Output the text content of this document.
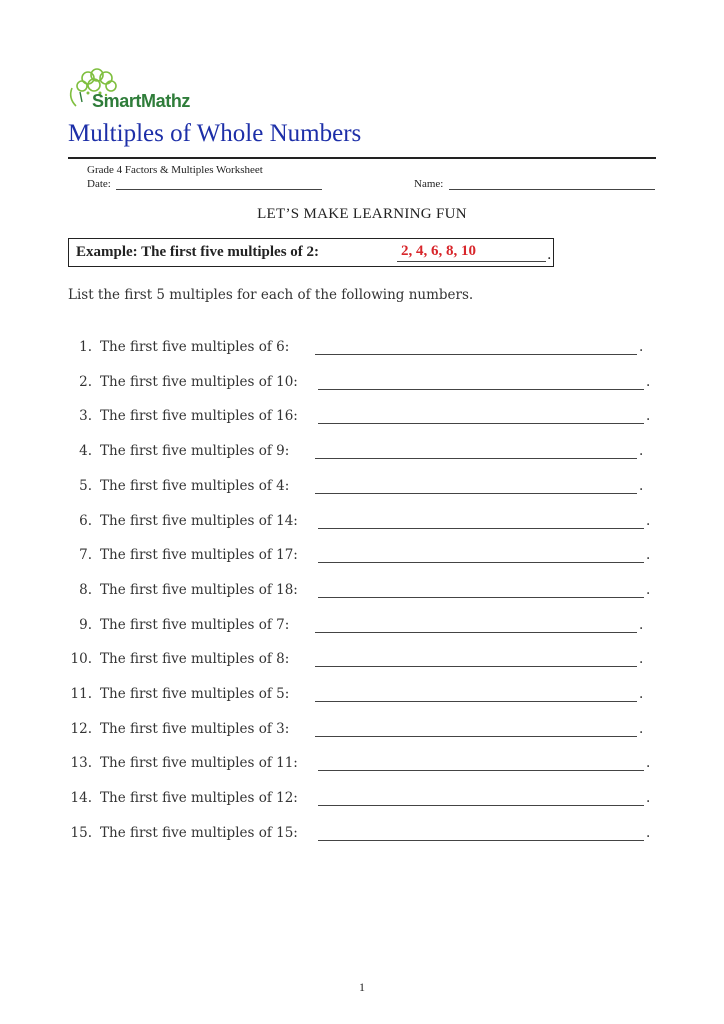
SmartMathz
Multiples of Whole Numbers
Grade 4 Factors & Multiples Worksheet
Date:	Name:
LET’S MAKE LEARNING FUN
Example: The first five multiples of 2:	2, 4, 6, 8, 10	.
List the first 5 multiples for each of the following numbers.
1. The first five multiples of 6:	.
2. The first five multiples of 10:	.
3. The first five multiples of 16:	.
4. The first five multiples of 9:	.
5. The first five multiples of 4:	.
6. The first five multiples of 14:	.
7. The first five multiples of 17:	.
8. The first five multiples of 18:	.
9. The first five multiples of 7:	.
10. The first five multiples of 8:	.
11. The first five multiples of 5:	.
12. The first five multiples of 3:	.
13. The first five multiples of 11:	.
14. The first five multiples of 12:	.
15. The first five multiples of 15:	.
1
